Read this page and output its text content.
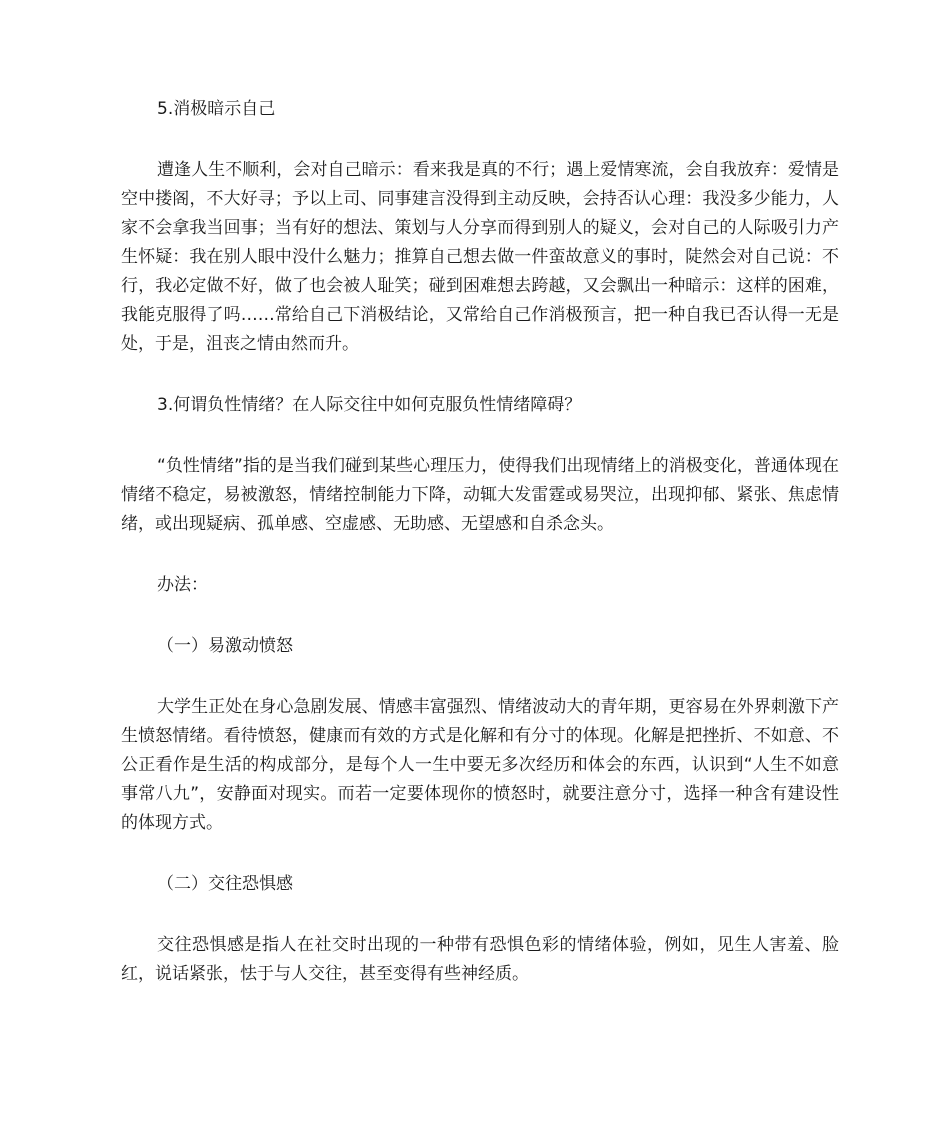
5.消极暗示自己

遭逢人生不顺利，会对自己暗示：看来我是真的不行；遇上爱情寒流，会自我放弃：爱情是空中搂阁，不大好寻；予以上司、同事建言没得到主动反映，会持否认心理：我没多少能力，人家不会拿我当回事；当有好的想法、策划与人分享而得到别人的疑义，会对自己的人际吸引力产生怀疑：我在别人眼中没什么魅力；推算自己想去做一件蛮故意义的事时，陡然会对自己说：不行，我必定做不好，做了也会被人耻笑；碰到困难想去跨越，又会飘出一种暗示：这样的困难，我能克服得了吗……常给自己下消极结论，又常给自己作消极预言，把一种自我已否认得一无是处，于是，沮丧之情由然而升。

3.何谓负性情绪？在人际交往中如何克服负性情绪障碍？

“负性情绪”指的是当我们碰到某些心理压力，使得我们出现情绪上的消极变化，普通体现在情绪不稳定，易被激怒，情绪控制能力下降，动辄大发雷霆或易哭泣，出现抑郁、紧张、焦虑情绪，或出现疑病、孤单感、空虚感、无助感、无望感和自杀念头。

办法：

（一）易激动愤怒

大学生正处在身心急剧发展、情感丰富强烈、情绪波动大的青年期，更容易在外界刺激下产生愤怒情绪。看待愤怒，健康而有效的方式是化解和有分寸的体现。化解是把挫折、不如意、不公正看作是生活的构成部分，是每个人一生中要无多次经历和体会的东西，认识到“人生不如意事常八九”，安静面对现实。而若一定要体现你的愤怒时，就要注意分寸，选择一种含有建设性的体现方式。

（二）交往恐惧感

交往恐惧感是指人在社交时出现的一种带有恐惧色彩的情绪体验，例如，见生人害羞、脸红，说话紧张，怯于与人交往，甚至变得有些神经质。
